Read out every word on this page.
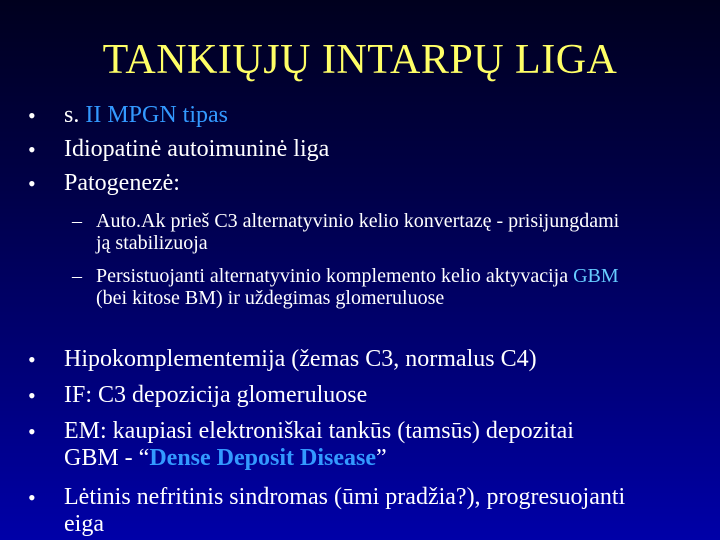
TANKIŲJŲ INTARPŲ LIGA
•	s. II MPGN tipas
•	Idiopatinė autoimuninė liga
•	Patogenezė:
– Auto.Ak prieš C3 alternatyvinio kelio konvertazę - prisijungdami ją stabilizuoja
– Persistuojanti alternatyvinio komplemento kelio aktyvacija GBM (bei kitose BM) ir uždegimas glomeruluose
•	Hipokomplementemija (žemas C3, normalus C4)
•	IF: C3 depozicija glomeruluose
•	EM: kaupiasi elektroniškai tankūs (tamsūs) depozitai GBM - “Dense Deposit Disease”
•	Lėtinis nefritinis sindromas (ūmi pradžia?), progresuojanti eiga
